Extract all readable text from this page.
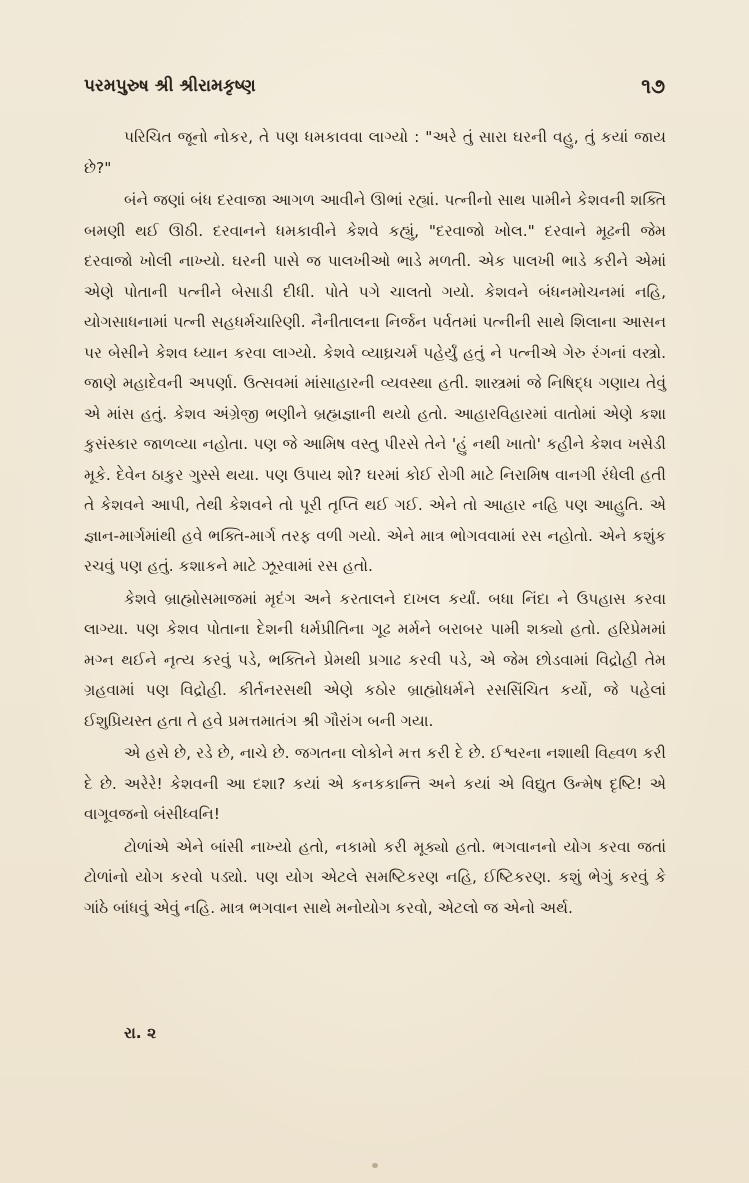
પરમપુરુષ શ્રી શ્રીરામકૃષ્ણ	૧૭

પરિચિત જૂનો નોકર, તે પણ ધમકાવવા લાગ્યો : "અરે તું સારા ઘરની વહુ, તું કયાં જાય છે?"

બંને જણાં બંધ દરવાજા આગળ આવીને ઊભાં રહ્યાં. પત્નીનો સાથ પામીને કેશવની શક્તિ બમણી થઈ ઊઠી. દરવાનને ધમકાવીને કેશવે કહ્યું, "દરવાજો ખોલ." દરવાને મૂઢની જેમ દરવાજો ખોલી નાખ્યો. ઘરની પાસે જ પાલખીઓ ભાડે મળતી. એક પાલખી ભાડે કરીને એમાં એણે પોતાની પત્નીને બેસાડી દીધી. પોતે પગે ચાલતો ગયો. કેશવને બંધનમોચનમાં નહિ, યોગસાધનામાં પત્ની સહધર્મચારિણી. નૈનીતાલના નિર્જન પર્વતમાં પત્નીની સાથે શિલાના આસન પર બેસીને કેશવ ધ્યાન કરવા લાગ્યો. કેશવે વ્યાઘ્રચર્મ પહેર્યું હતું ને પત્નીએ ગેરુ રંગનાં વસ્ત્રો. જાણે મહાદેવની અપર્ણા. ઉત્સવમાં માંસાહારની વ્યવસ્થા હતી. શાસ્ત્રમાં જે નિષિદ્ધ ગણાય તેવું એ માંસ હતું. કેશવ અંગ્રેજી ભણીને બ્રહ્મજ્ઞાની થયો હતો. આહારવિહારમાં વાતોમાં એણે કશા કુસંસ્કાર જાળવ્યા નહોતા. પણ જે આમિષ વસ્તુ પીરસે તેને 'હું નથી ખાતો' કહીને કેશવ ખસેડી મૂકે. દેવેન ઠાકુર ગુસ્સે થયા. પણ ઉપાય શો? ઘરમાં કોઈ રોગી માટે નિરામિષ વાનગી રંધેલી હતી તે કેશવને આપી, તેથી કેશવને તો પૂરી તૃપ્તિ થઈ ગઈ. એને તો આહાર નહિ પણ આહુતિ. એ જ્ઞાન-માર્ગમાંથી હવે ભક્તિ-માર્ગ તરફ વળી ગયો. એને માત્ર ભોગવવામાં રસ નહોતો. એને કશુંક રચવું પણ હતું. કશાકને માટે ઝૂરવામાં રસ હતો.

કેશવે બ્રાહ્મોસમાજમાં મૃદંગ અને કરતાલને દાખલ કર્યાં. બધા નિંદા ને ઉપહાસ કરવા લાગ્યા. પણ કેશવ પોતાના દેશની ધર્મપ્રીતિના ગૂઢ મર્મને બરાબર પામી શક્યો હતો. હરિપ્રેમમાં મગ્ન થઈને નૃત્ય કરવું પડે, ભક્તિને પ્રેમથી પ્રગાઢ કરવી પડે, એ જેમ છોડવામાં વિદ્રોહી તેમ ગ્રહવામાં પણ વિદ્રોહી. કીર્તનરસથી એણે કઠોર બ્રાહ્મોધર્મને રસસિંચિત કર્યો, જે પહેલાં ઈશુપ્રિયસ્ત હતા તે હવે પ્રમત્તમાતંગ શ્રી ગૌરાંગ બની ગયા.

એ હસે છે, રડે છે, નાચે છે. જગતના લોકોને મત્ત કરી દે છે. ઈશ્વરના નશાથી વિહ્વળ કરી દે છે. અરેરે! કેશવની આ દશા? કયાં એ કનકકાન્તિ અને કયાં એ વિદ્યુત ઉન્મેષ દૃષ્ટિ! એ વાગૂવજનો બંસીધ્વનિ!

ટોળાંએ એને બાંસી નાખ્યો હતો, નકામો કરી મૂક્યો હતો. ભગવાનનો યોગ કરવા જતાં ટોળાંનો યોગ કરવો પડ્યો. પણ યોગ એટલે સમષ્ટિકરણ નહિ, ઈષ્ટિકરણ. કશું ભેગું કરવું કે ગાંઠે બાંધવું એવું નહિ. માત્ર ભગવાન સાથે મનોયોગ કરવો, એટલો જ એનો અર્થ.

રા. ૨
